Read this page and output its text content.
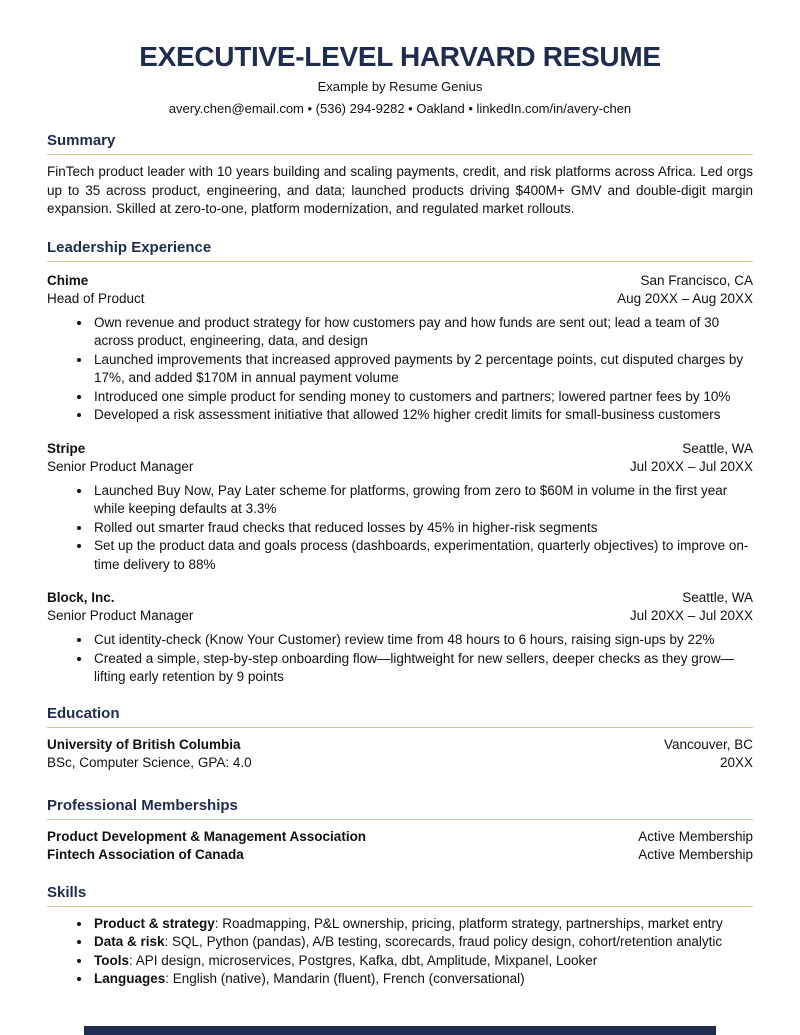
EXECUTIVE-LEVEL HARVARD RESUME
Example by Resume Genius
avery.chen@email.com • (536) 294-9282 • Oakland • linkedIn.com/in/avery-chen
Summary

FinTech product leader with 10 years building and scaling payments, credit, and risk platforms across Africa. Led orgs up to 35 across product, engineering, and data; launched products driving $400M+ GMV and double-digit margin expansion. Skilled at zero-to-one, platform modernization, and regulated market rollouts.

Leadership Experience
Chime	San Francisco, CA
Head of Product	Aug 20XX – Aug 20XX
• Own revenue and product strategy for how customers pay and how funds are sent out; lead a team of 30 across product, engineering, data, and design
• Launched improvements that increased approved payments by 2 percentage points, cut disputed charges by 17%, and added $170M in annual payment volume
• Introduced one simple product for sending money to customers and partners; lowered partner fees by 10%
• Developed a risk assessment initiative that allowed 12% higher credit limits for small-business customers
Stripe	Seattle, WA
Senior Product Manager	Jul 20XX – Jul 20XX
• Launched Buy Now, Pay Later scheme for platforms, growing from zero to $60M in volume in the first year while keeping defaults at 3.3%
• Rolled out smarter fraud checks that reduced losses by 45% in higher-risk segments
• Set up the product data and goals process (dashboards, experimentation, quarterly objectives) to improve on-time delivery to 88%
Block, Inc.	Seattle, WA
Senior Product Manager	Jul 20XX – Jul 20XX
• Cut identity-check (Know Your Customer) review time from 48 hours to 6 hours, raising sign-ups by 22%
• Created a simple, step-by-step onboarding flow—lightweight for new sellers, deeper checks as they grow—lifting early retention by 9 points
Education
University of British Columbia	Vancouver, BC
BSc, Computer Science, GPA: 4.0	20XX
Professional Memberships
Product Development & Management Association	Active Membership
Fintech Association of Canada	Active Membership
Skills
• Product & strategy: Roadmapping, P&L ownership, pricing, platform strategy, partnerships, market entry
• Data & risk: SQL, Python (pandas), A/B testing, scorecards, fraud policy design, cohort/retention analytic
• Tools: API design, microservices, Postgres, Kafka, dbt, Amplitude, Mixpanel, Looker
• Languages: English (native), Mandarin (fluent), French (conversational)
